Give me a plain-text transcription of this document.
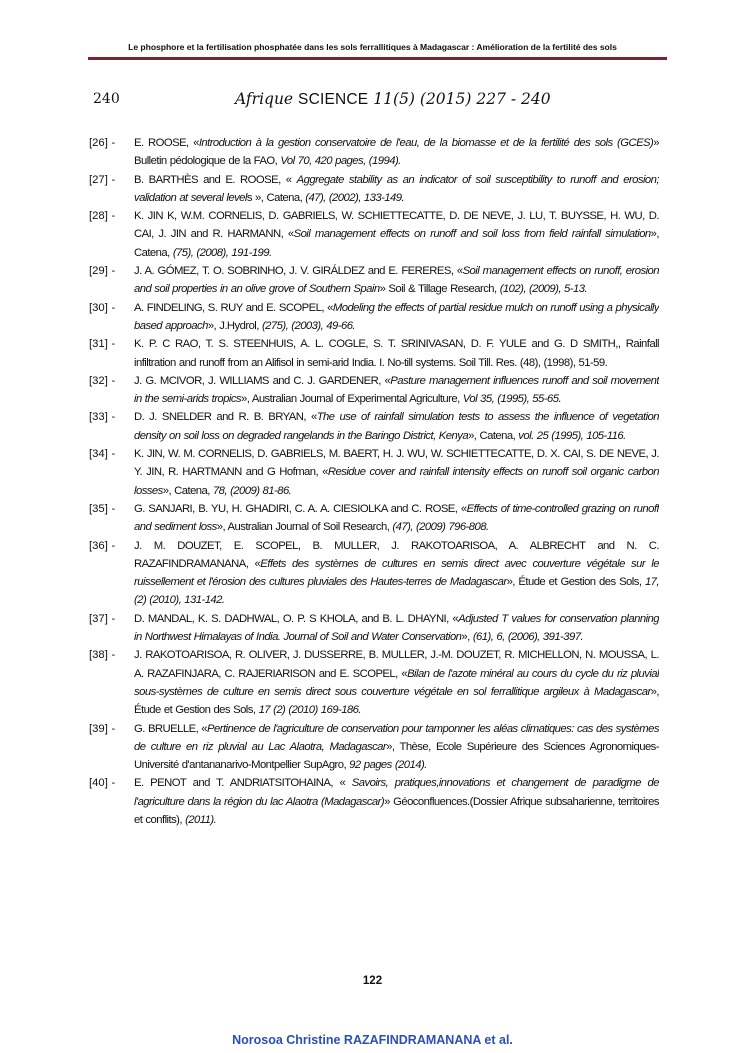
Le phosphore et la fertilisation phosphatée dans les sols ferrallitiques à Madagascar : Amélioration de la fertilité des sols
240	Afrique SCIENCE 11(5) (2015) 227 - 240
[26] - E. ROOSE, «Introduction à la gestion conservatoire de l'eau, de la biomasse et de la fertilité des sols (GCES)» Bulletin pédologique de la FAO, Vol 70, 420 pages, (1994).
[27] - B. BARTHÈS and E. ROOSE, « Aggregate stability as an indicator of soil susceptibility to runoff and erosion; validation at several levels », Catena, (47), (2002), 133-149.
[28] - K. JIN K, W.M. CORNELIS, D. GABRIELS, W. SCHIETTECATTE, D. DE NEVE, J. LU, T. BUYSSE, H. WU, D. CAI, J. JIN and R. HARMANN, «Soil management effects on runoff and soil loss from field rainfall simulation», Catena, (75), (2008), 191-199.
[29] - J. A. GÓMEZ, T. O. SOBRINHO, J. V. GIRÁLDEZ and E. FERERES, «Soil management effects on runoff, erosion and soil properties in an olive grove of Southern Spain» Soil & Tillage Research, (102), (2009), 5-13.
[30] - A. FINDELING, S. RUY and E. SCOPEL, «Modeling the effects of partial residue mulch on runoff using a physically based approach», J.Hydrol, (275), (2003), 49-66.
[31] - K. P. C RAO, T. S. STEENHUIS, A. L. COGLE, S. T. SRINIVASAN, D. F. YULE and G. D SMITH,, Rainfall infiltration and runoff from an Alifisol in semi-arid India. I. No-till systems. Soil Till. Res. (48), (1998), 51-59.
[32] - J. G. MCIVOR, J. WILLIAMS and C. J. GARDENER, «Pasture management influences runoff and soil movement in the semi-arids tropics», Australian Journal of Experimental Agriculture, Vol 35, (1995), 55-65.
[33] - D. J. SNELDER and R. B. BRYAN, «The use of rainfall simulation tests to assess the influence of vegetation density on soil loss on degraded rangelands in the Baringo District, Kenya», Catena, vol. 25 (1995), 105-116.
[34] - K. JIN, W. M. CORNELIS, D. GABRIELS, M. BAERT, H. J. WU, W. SCHIETTECATTE, D. X. CAI, S. DE NEVE, J. Y. JIN, R. HARTMANN and G Hofman, «Residue cover and rainfall intensity effects on runoff soil organic carbon losses», Catena, 78, (2009) 81-86.
[35] - G. SANJARI, B. YU, H. GHADIRI, C. A. A. CIESIOLKA and C. ROSE, «Effects of time-controlled grazing on runoff and sediment loss», Australian Journal of Soil Research, (47), (2009) 796-808.
[36] - J. M. DOUZET, E. SCOPEL, B. MULLER, J. RAKOTOARISOA, A. ALBRECHT and N. C. RAZAFINDRAMANANA, «Effets des systèmes de cultures en semis direct avec couverture végétale sur le ruissellement et l'érosion des cultures pluviales des Hautes-terres de Madagascar», Étude et Gestion des Sols, 17, (2) (2010), 131-142.
[37] - D. MANDAL, K. S. DADHWAL, O. P. S KHOLA, and B. L. DHAYNI, «Adjusted T values for conservation planning in Northwest Himalayas of India. Journal of Soil and Water Conservation», (61), 6, (2006), 391-397.
[38] - J. RAKOTOARISOA, R. OLIVER, J. DUSSERRE, B. MULLER, J.-M. DOUZET, R. MICHELLON, N. MOUSSA, L. A. RAZAFINJARA, C. RAJERIARISON and E. SCOPEL, «Bilan de l'azote minéral au cours du cycle du riz pluvial sous-systèmes de culture en semis direct sous couverture végétale en sol ferrallitique argileux à Madagascar», Étude et Gestion des Sols, 17 (2) (2010) 169-186.
[39] - G. BRUELLE, «Pertinence de l'agriculture de conservation pour tamponner les aléas climatiques: cas des systèmes de culture en riz pluvial au Lac Alaotra, Madagascar», Thèse, Ecole Supérieure des Sciences Agronomiques-Université d'antananarivo-Montpellier SupAgro, 92 pages (2014).
[40] - E. PENOT and T. ANDRIATSITOHAINA, « Savoirs, pratiques,innovations et changement de paradigme de l'agriculture dans la région du lac Alaotra (Madagascar)» Géoconfluences.(Dossier Afrique subsaharienne, territoires et conflits), (2011).
122
Norosoa Christine RAZAFINDRAMANANA et al.
